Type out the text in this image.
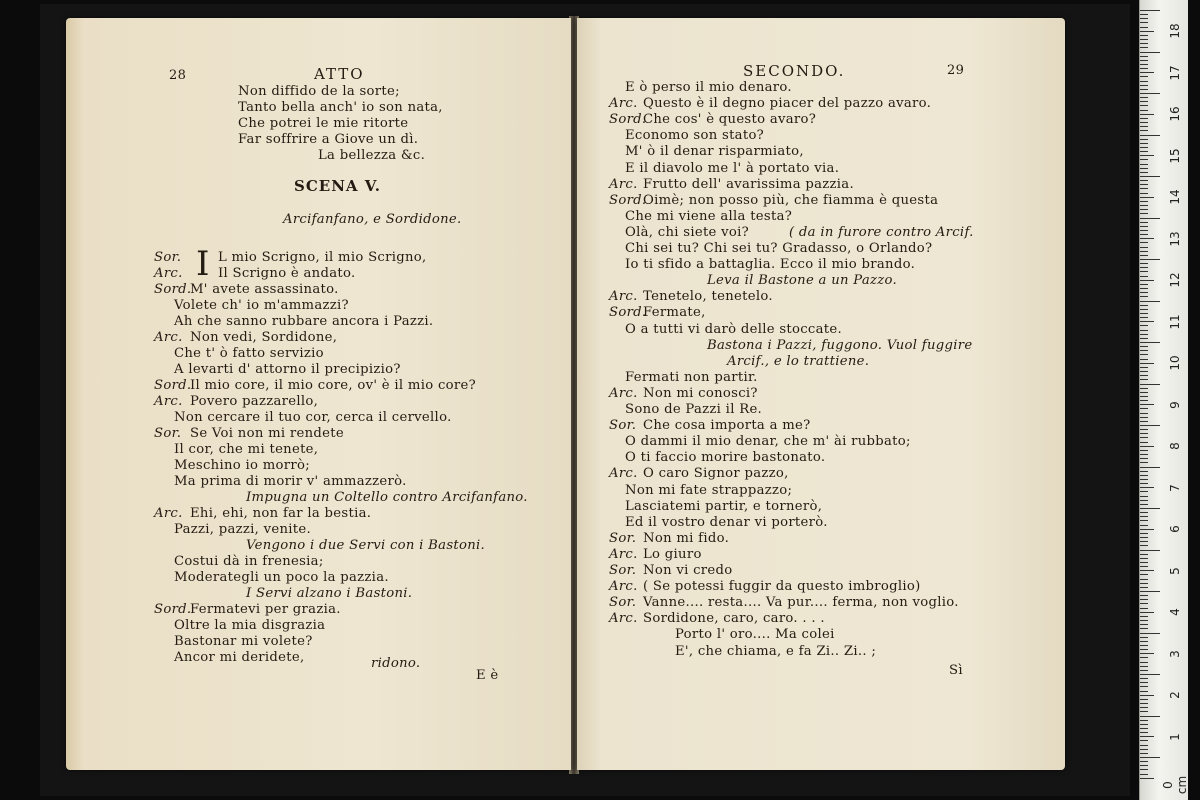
28	ATTO
Non diffido de la sorte;
Tanto bella anch' io son nata,
Che potrei le mie ritorte
Far soffrire a Giove un dì.
La bellezza &c.
Sor.	L mio Scrigno, il mio Scrigno,
Arc.	Il Scrigno è andato.
Sord.
M' avete assassinato.
Volete ch' io m'ammazzi?
Ah che sanno rubbare ancora i Pazzi.
Arc. Non vedi, Sordidone,
Che t' ò fatto servizio
A levarti d' attorno il precipizio?
Sord.
Il mio core, il mio core, ov' è il mio core?
Arc. Povero pazzarello,
Non cercare il tuo cor, cerca il cervello.
Sor. Se Voi non mi rendete
Il cor, che mi tenete,
Meschino io morrò;
Ma prima di morir v' ammazzerò.
Impugna un Coltello contro Arcifanfano.
Arc. Ehi, ehi, non far la bestia.
Pazzi, pazzi, venite.
Vengono i due Servi con i Bastoni.
Costui dà in frenesia;
Moderategli un poco la pazzia.
I Servi alzano i Bastoni.
Sord.
Fermatevi per grazia.
Oltre la mia disgrazia
Bastonar mi volete?
Ancor mi deridete,
SCENA V.
Arcifanfano, e Sordidone.
I
ridono.
E è
SECONDO.	29
E ò perso il mio denaro.
Arc. Questo è il degno piacer del pazzo avaro.
Sord.
Che cos' è questo avaro?
Economo son stato?
M' ò il denar risparmiato,
E il diavolo me l' à portato via.
Arc. Frutto dell' avarissima pazzia.
Sord.
Oimè; non posso più, che fiamma è questa
Che mi viene alla testa?
Olà, chi siete voi?	( da in furore contro Arcif.
Chi sei tu? Chi sei tu? Gradasso, o Orlando?
Io ti sfido a battaglia. Ecco il mio brando.
Leva il Bastone a un Pazzo.
Arc. Tenetelo, tenetelo.
Sord.
Fermate,
O a tutti vi darò delle stoccate.
Bastona i Pazzi, fuggono. Vuol fuggire
Arcif., e lo trattiene.
Fermati non partir.
Arc. Non mi conosci?
Sono de Pazzi il Re.
Sor. Che cosa importa a me?
O dammi il mio denar, che m' ài rubbato;
O ti faccio morire bastonato.
Arc. O caro Signor pazzo,
Non mi fate strappazzo;
Lasciatemi partir, e tornerò,
Ed il vostro denar vi porterò.
Sor. Non mi fido.
Arc. Lo giuro
Sor. Non vi credo
Arc. ( Se potessi fuggir da questo imbroglio)
Sor. Vanne.... resta.... Va pur.... ferma, non voglio.
Arc. Sordidone, caro, caro. . . .
Porto l' oro.... Ma colei
E', che chiama, e fa Zi.. Zi.. ;
Sì
18
17
16
15
14
13
12
11
10
9
8
7
6
5
4
3
2
1
0 cm
